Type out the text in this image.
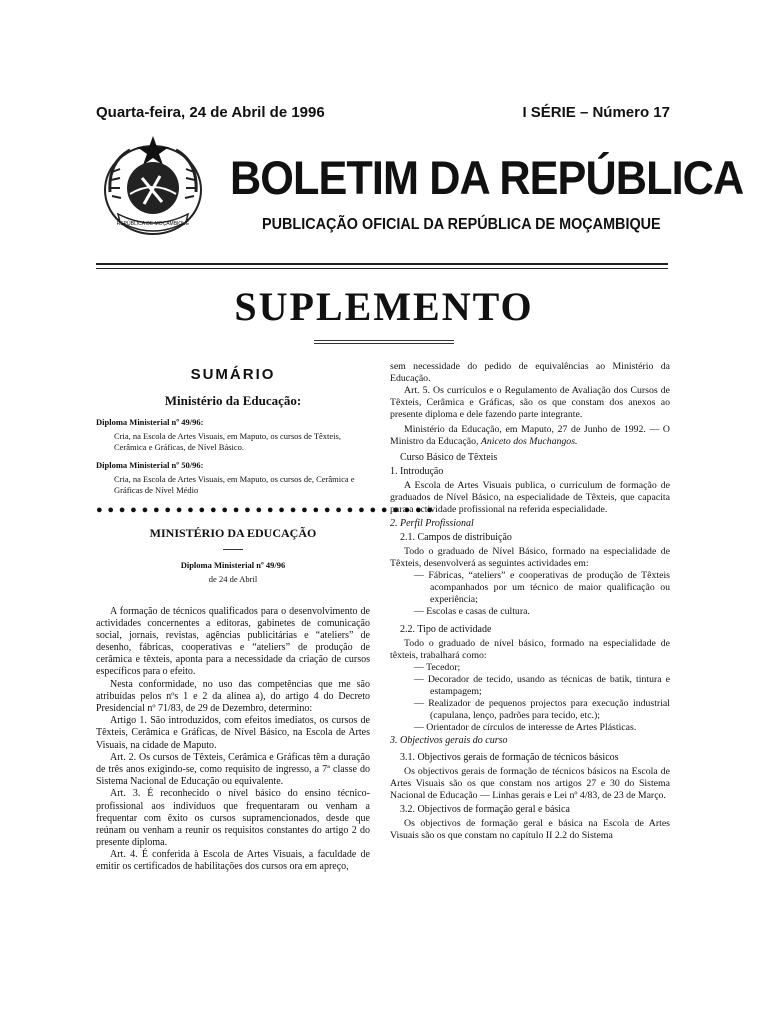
Quarta-feira, 24 de Abril de 1996	I SÉRIE – Número 17
REPÚBLICA DE MOÇAMBIQUE
BOLETIM DA REPÚBLICA
PUBLICAÇÃO OFICIAL DA REPÚBLICA DE MOÇAMBIQUE
SUPLEMENTO
SUMÁRIO
Ministério da Educação:
Diploma Ministerial nº 49/96:
Cria, na Escola de Artes Visuais, em Maputo, os cursos de Têxteis, Cerâmica e Gráficas, de Nível Básico.
Diploma Ministerial nº 50/96:
Cria, na Escola de Artes Visuais, em Maputo, os cursos de, Cerâmica e Gráficas de Nível Médio
● ● ● ● ● ● ● ● ● ● ● ● ● ● ● ● ● ● ● ● ● ● ● ● ● ● ● ● ● ●
MINISTÉRIO DA EDUCAÇÃO
Diploma Ministerial nº 49/96
de 24 de Abril

A formação de técnicos qualificados para o desenvolvimento de actividades concernentes a editoras, gabinetes de comunicação social, jornais, revistas, agências publicitárias e “ateliers” de desenho, fábricas, cooperativas e “ateliers” de produção de cerâmica e têxteis, aponta para a necessidade da criação de cursos específicos para o efeito.

Nesta conformidade, no uso das competências que me são atribuídas pelos nºs 1 e 2 da alínea a), do artigo 4 do Decreto Presidencial nº 71/83, de 29 de Dezembro, determino:

Artigo 1. São introduzidos, com efeitos imediatos, os cursos de Têxteis, Cerâmica e Gráficas, de Nível Básico, na Escola de Artes Visuais, na cidade de Maputo.

Art. 2. Os cursos de Têxteis, Cerâmica e Gráficas têm a duração de três anos exigindo-se, como requisito de ingresso, a 7ª classe do Sistema Nacional de Educação ou equivalente.

Art. 3. É reconhecido o nível básico do ensino técnico-profissional aos indivíduos que frequentaram ou venham a frequentar com êxito os cursos supramencionados, desde que reúnam ou venham a reunir os requisitos constantes do artigo 2 do presente diploma.

Art. 4. É conferida à Escola de Artes Visuais, a faculdade de emitir os certificados de habilitações dos cursos ora em apreço,

sem necessidade do pedido de equivalências ao Ministério da Educação.

Art. 5. Os currículos e o Regulamento de Avaliação dos Cursos de Têxteis, Cerâmica e Gráficas, são os que constam dos anexos ao presente diploma e dele fazendo parte integrante.

Ministério da Educação, em Maputo, 27 de Junho de 1992. — O Ministro da Educação, Aniceto dos Muchangos.

Curso Básico de Têxteis
1. Introdução

A Escola de Artes Visuais publica, o curriculum de formação de graduados de Nível Básico, na especialidade de Têxteis, que capacita para a actividade profissional na referida especialidade.

2. Perfil Profissional
2.1. Campos de distribuição

Todo o graduado de Nível Básico, formado na especialidade de Têxteis, desenvolverá as seguintes actividades em:

— Fábricas, “ateliers” e cooperativas de produção de Têxteis acompanhados por um técnico de maior qualificação ou experiência;

— Escolas e casas de cultura.

2.2. Tipo de actividade

Todo o graduado de nível básico, formado na especialidade de têxteis, trabalhará como:

— Tecedor;

— Decorador de tecido, usando as técnicas de batik, tintura e estampagem;

— Realizador de pequenos projectos para execução industrial (capulana, lenço, padrões para tecido, etc.);

— Orientador de círculos de interesse de Artes Plásticas.

3. Objectivos gerais do curso
3.1. Objectivos gerais de formação de técnicos básicos

Os objectivos gerais de formação de técnicos básicos na Escola de Artes Visuais são os que constam nos artigos 27 e 30 do Sistema Nacional de Educação — Linhas gerais e Lei nº 4/83, de 23 de Março.

3.2. Objectivos de formação geral e básica

Os objectivos de formação geral e básica na Escola de Artes Visuais são os que constam no capítulo II 2.2 do Sistema
